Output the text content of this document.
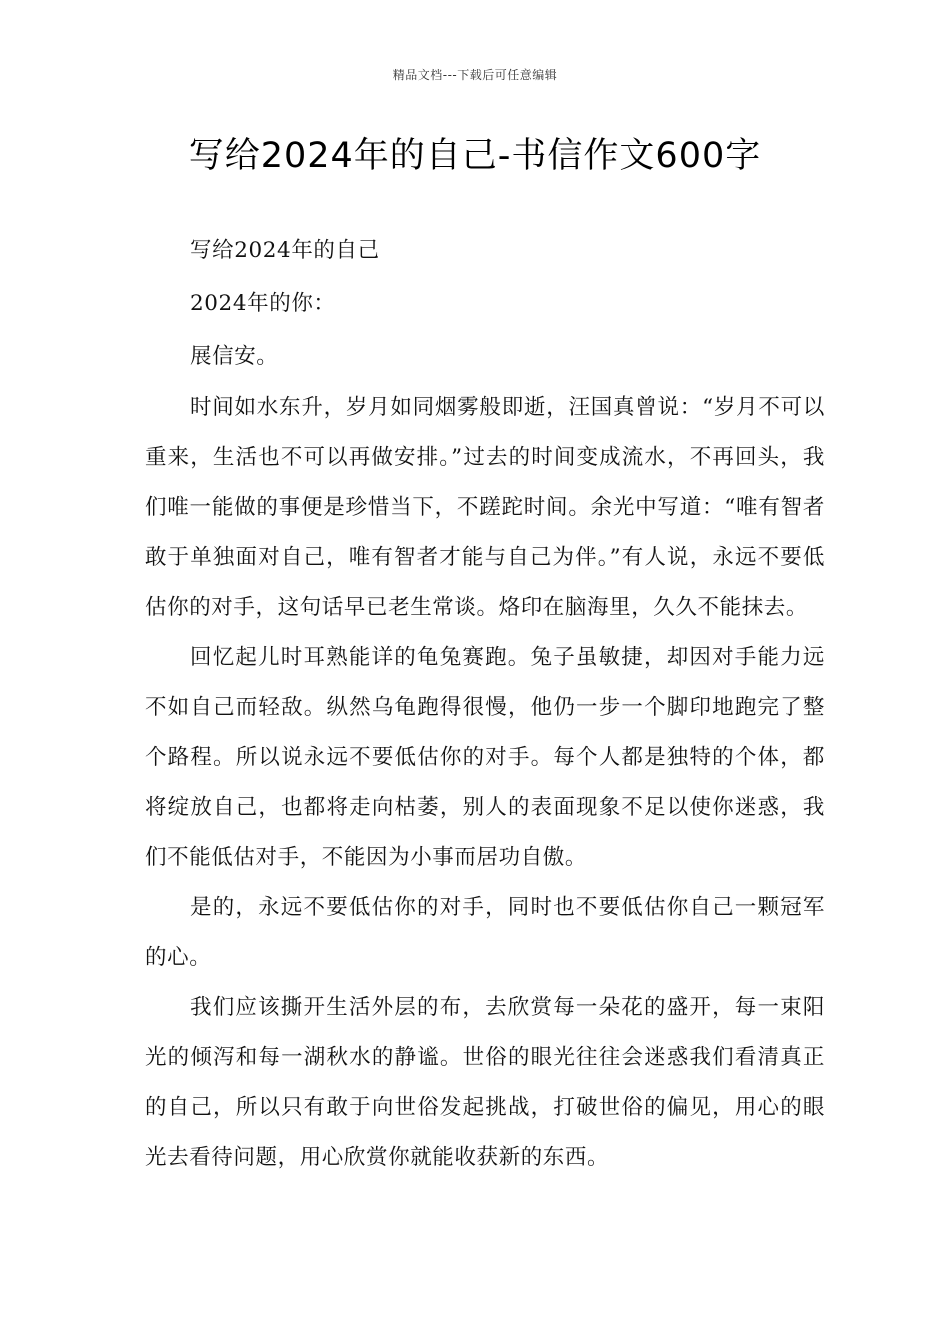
精品文档---下载后可任意编辑
写给2024年的自己-书信作文600字

写给2024年的自己

2024年的你：

展信安。

时间如水东升，岁月如同烟雾般即逝，汪国真曾说：“岁月不可以重来，生活也不可以再做安排。”过去的时间变成流水，不再回头，我们唯一能做的事便是珍惜当下，不蹉跎时间。余光中写道：“唯有智者敢于单独面对自己，唯有智者才能与自己为伴。”有人说，永远不要低估你的对手，这句话早已老生常谈。烙印在脑海里，久久不能抹去。

回忆起儿时耳熟能详的龟兔赛跑。兔子虽敏捷，却因对手能力远不如自己而轻敌。纵然乌龟跑得很慢，他仍一步一个脚印地跑完了整个路程。所以说永远不要低估你的对手。每个人都是独特的个体，都将绽放自己，也都将走向枯萎，别人的表面现象不足以使你迷惑，我们不能低估对手，不能因为小事而居功自傲。

是的，永远不要低估你的对手，同时也不要低估你自己一颗冠军的心。

我们应该撕开生活外层的布，去欣赏每一朵花的盛开，每一束阳光的倾泻和每一湖秋水的静谧。世俗的眼光往往会迷惑我们看清真正的自己，所以只有敢于向世俗发起挑战，打破世俗的偏见，用心的眼光去看待问题，用心欣赏你就能收获新的东西。
